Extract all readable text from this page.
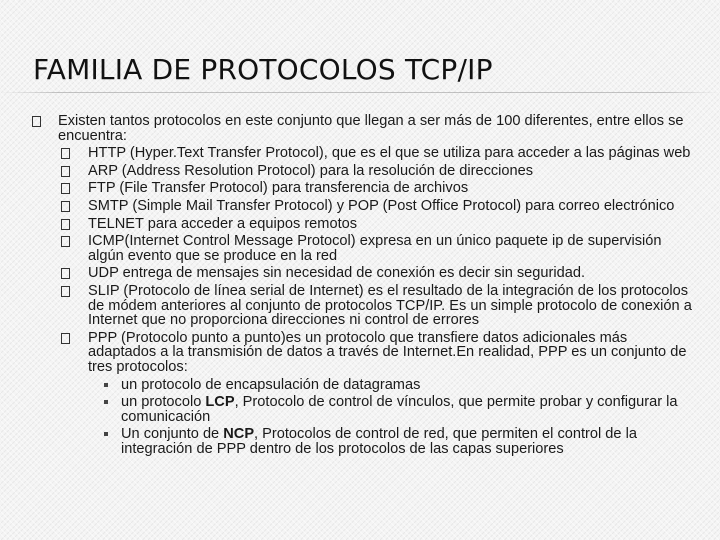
FAMILIA DE PROTOCOLOS TCP/IP
Existen tantos protocolos en este conjunto que llegan a ser más de 100 diferentes, entre ellos se encuentra:
HTTP (Hyper.Text Transfer Protocol), que es el que se utiliza para acceder a las páginas web
ARP (Address Resolution Protocol) para la resolución de direcciones
FTP (File Transfer Protocol) para transferencia de archivos
SMTP (Simple Mail Transfer Protocol) y POP (Post Office Protocol) para correo electrónico
TELNET para acceder a equipos remotos
ICMP(Internet Control Message Protocol) expresa en un único paquete ip de supervisión algún evento que se produce en la red
UDP entrega de mensajes sin necesidad de conexión es decir sin seguridad.
SLIP (Protocolo de línea serial de Internet) es el resultado de la integración de los protocolos de módem anteriores al conjunto de protocolos TCP/IP. Es un simple protocolo de conexión a Internet que no proporciona direcciones ni control de errores
PPP (Protocolo punto a punto)es un protocolo que transfiere datos adicionales más adaptados a la transmisión de datos a través de Internet.En realidad, PPP es un conjunto de tres protocolos:
un protocolo de encapsulación de datagramas
un protocolo LCP, Protocolo de control de vínculos, que permite probar y configurar la comunicación
Un conjunto de NCP, Protocolos de control de red, que permiten el control de la integración de PPP dentro de los protocolos de las capas superiores
